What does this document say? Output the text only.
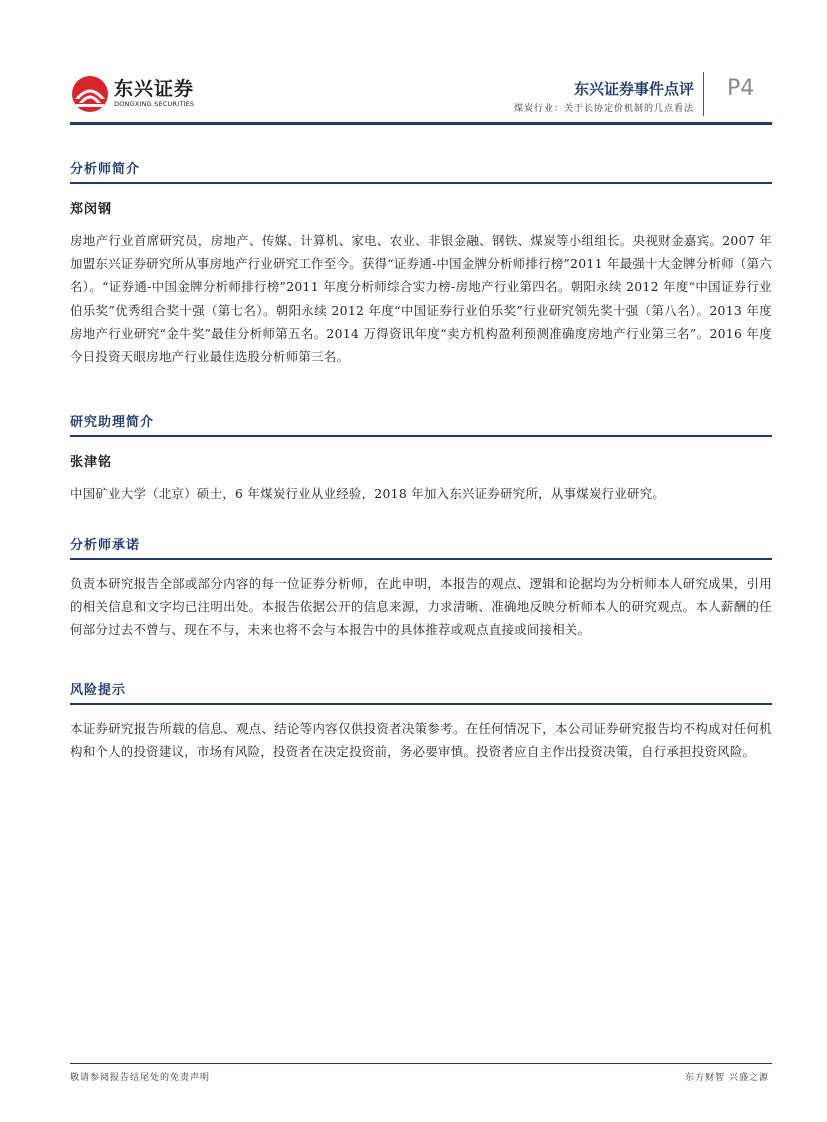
东兴证券
DONGXING SECURITIES
东兴证券事件点评
煤炭行业：关于长协定价机制的几点看法
P4
分析师简介
郑闵钢
房地产行业首席研究员，房地产、传媒、计算机、家电、农业、非银金融、钢铁、煤炭等小组组长。央视财金嘉宾。2007 年加盟东兴证券研究所从事房地产行业研究工作至今。获得“证券通-中国金牌分析师排行榜”2011 年最强十大金牌分析师（第六名）。“证券通-中国金牌分析师排行榜”2011 年度分析师综合实力榜-房地产行业第四名。朝阳永续 2012 年度“中国证券行业伯乐奖”优秀组合奖十强（第七名）。朝阳永续 2012 年度“中国证券行业伯乐奖”行业研究领先奖十强（第八名）。2013 年度房地产行业研究“金牛奖”最佳分析师第五名。2014 万得资讯年度“卖方机构盈利预测准确度房地产行业第三名”。2016 年度今日投资天眼房地产行业最佳选股分析师第三名。
研究助理简介
张津铭
中国矿业大学（北京）硕士，6 年煤炭行业从业经验，2018 年加入东兴证券研究所，从事煤炭行业研究。
分析师承诺
负责本研究报告全部或部分内容的每一位证券分析师，在此申明，本报告的观点、逻辑和论据均为分析师本人研究成果，引用的相关信息和文字均已注明出处。本报告依据公开的信息来源，力求清晰、准确地反映分析师本人的研究观点。本人薪酬的任何部分过去不曾与、现在不与，未来也将不会与本报告中的具体推荐或观点直接或间接相关。
风险提示
本证券研究报告所载的信息、观点、结论等内容仅供投资者决策参考。在任何情况下，本公司证券研究报告均不构成对任何机构和个人的投资建议，市场有风险，投资者在决定投资前，务必要审慎。投资者应自主作出投资决策，自行承担投资风险。
敬请参阅报告结尾处的免责声明	东方财智 兴盛之源
